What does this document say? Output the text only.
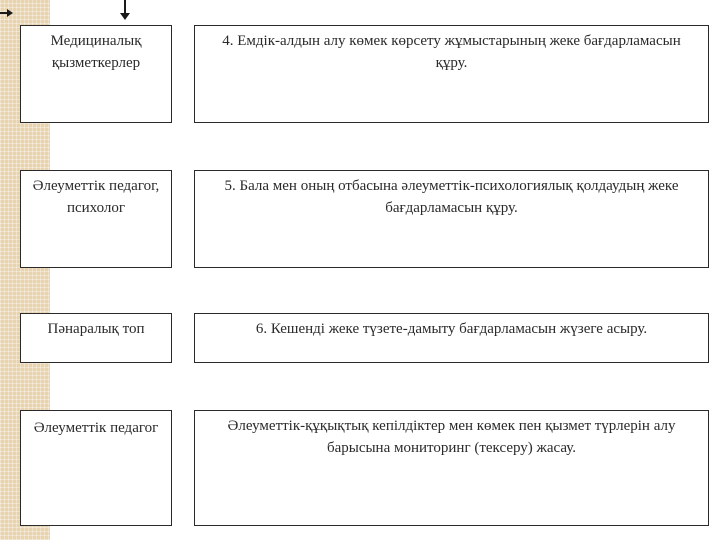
Медициналық қызметкерлер
4. Емдік-алдын алу көмек көрсету жұмыстарының жеке бағдарламасын құру.
Әлеуметтік педагог, психолог
5. Бала мен оның отбасына әлеуметтік-психологиялық қолдаудың жеке бағдарламасын құру.
Пәнаралық топ	6. Кешенді жеке түзете-дамыту бағдарламасын жүзеге асыру.
Әлеуметтік педагог	Әлеуметтік-құқықтық кепілдіктер мен көмек пен қызмет түрлерін алу барысына мониторинг (тексеру) жасау.
